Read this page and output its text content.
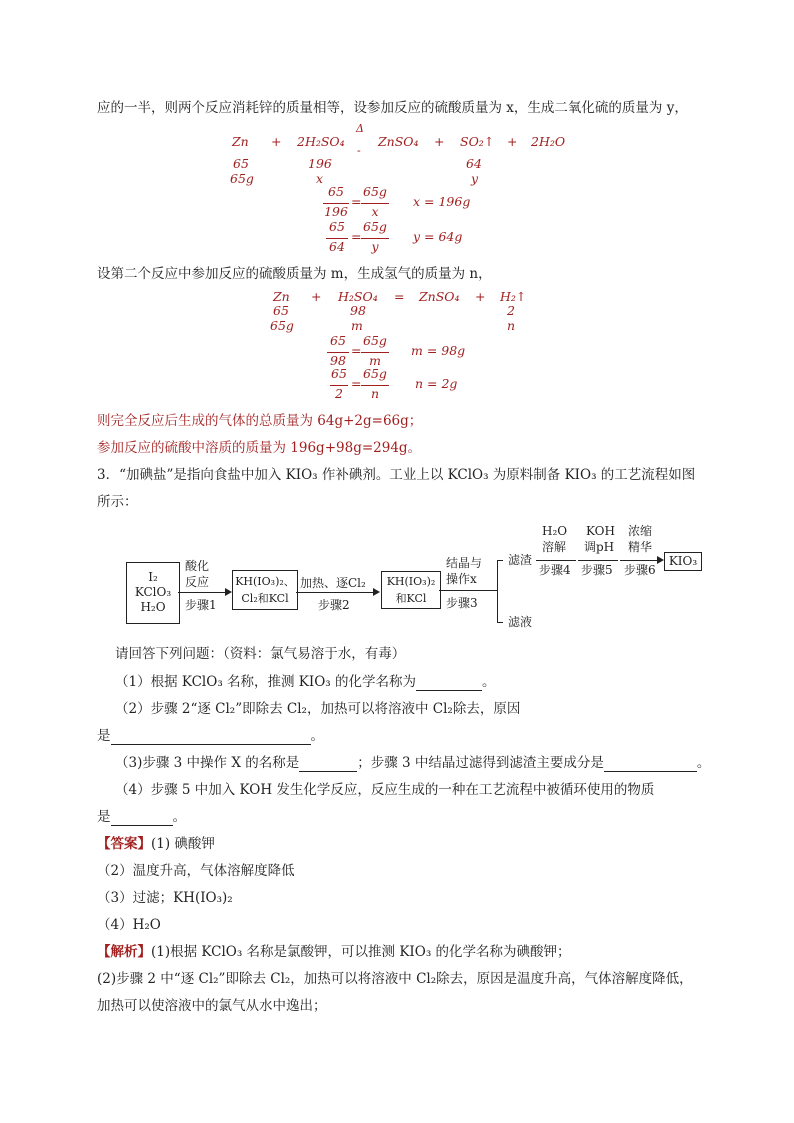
应的一半，则两个反应消耗锌的质量相等，设参加反应的硫酸质量为 x，生成二氧化硫的质量为 y，
Zn + 2H₂SO₄
Δ
-
ZnSO₄ + SO₂↑ + 2H₂O
65
65g
196
x
64
y
65
196
=
65g
x
x = 196g
65
64
=
65g
y
y = 64g
设第二个反应中参加反应的硫酸质量为 m，生成氢气的质量为 n，
Zn + H₂SO₄ = ZnSO₄ + H₂↑
65
65g
98
m
2
n
65
98
=
65g
m
m = 98g
65
2
=
65g
n
n = 2g
则完全反应后生成的气体的总质量为 64g+2g=66g；
参加反应的硫酸中溶质的质量为 196g+98g=294g。
3．“加碘盐”是指向食盐中加入 KIO₃ 作补碘剂。工业上以 KClO₃ 为原料制备 KIO₃ 的工艺流程如图
所示：
I₂
KClO₃
H₂O
酸化
反应
步骤1
KH(IO₃)₂、
Cl₂和KCl
加热、逐Cl₂
步骤2
KH(IO₃)₂
和KCl
结晶与
操作x
步骤3
滤渣
滤液
H₂O
溶解
步骤4
KOH
调pH
步骤5
浓缩
精华
步骤6
KIO₃
请回答下列问题：（资料：氯气易溶于水，有毒）
（1）根据 KClO₃ 名称，推测 KIO₃ 的化学名称为	。
（2）步骤 2“逐 Cl₂”即除去 Cl₂，加热可以将溶液中 Cl₂除去，原因
是	。
（3)步骤 3 中操作 X 的名称是	；步骤 3 中结晶过滤得到滤渣主要成分是	。
（4）步骤 5 中加入 KOH 发生化学反应，反应生成的一种在工艺流程中被循环使用的物质
是	。
【答案】(1) 碘酸钾
（2）温度升高，气体溶解度降低
（3）过滤；KH(IO₃)₂
（4）H₂O
【解析】(1)根据 KClO₃ 名称是氯酸钾，可以推测 KIO₃ 的化学名称为碘酸钾；
(2)步骤 2 中“逐 Cl₂”即除去 Cl₂，加热可以将溶液中 Cl₂除去，原因是温度升高，气体溶解度降低，
加热可以使溶液中的氯气从水中逸出；
